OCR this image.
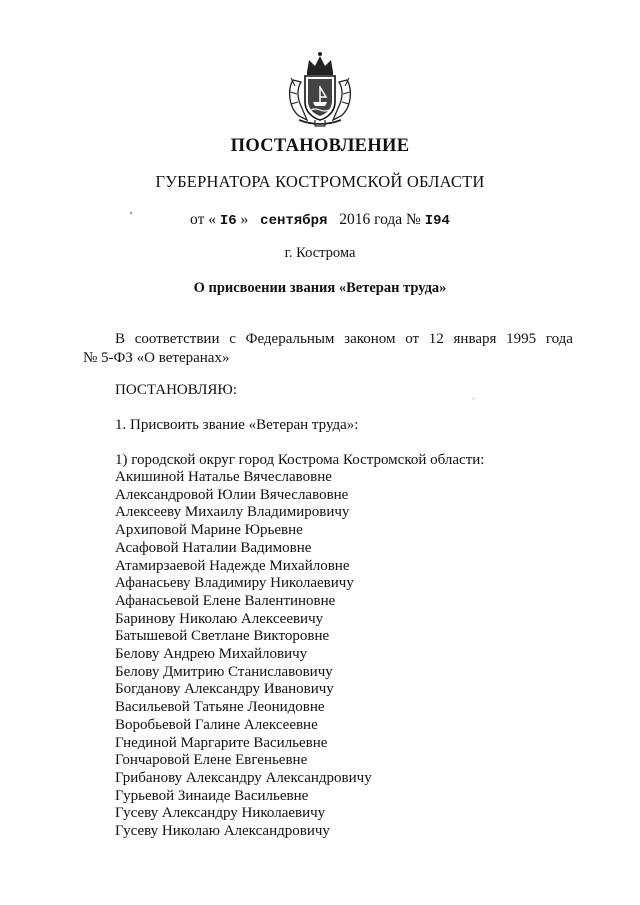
ПОСТАНОВЛЕНИЕ
ГУБЕРНАТОРА КОСТРОМСКОЙ ОБЛАСТИ
от « I6 » сентября 2016 года № I94
г. Кострома
О присвоении звания «Ветеран труда»
В соответствии с Федеральным законом от 12 января 1995 года
№ 5-ФЗ «О ветеранах»
ПОСТАНОВЛЯЮ:
1. Присвоить звание «Ветеран труда»:
1) городской округ город Кострома Костромской области:
Акишиной Наталье Вячеславовне
Александровой Юлии Вячеславовне
Алексееву Михаилу Владимировичу
Архиповой Марине Юрьевне
Асафовой Наталии Вадимовне
Атамирзаевой Надежде Михайловне
Афанасьеву Владимиру Николаевичу
Афанасьевой Елене Валентиновне
Баринову Николаю Алексеевичу
Батышевой Светлане Викторовне
Белову Андрею Михайловичу
Белову Дмитрию Станиславовичу
Богданову Александру Ивановичу
Васильевой Татьяне Леонидовне
Воробьевой Галине Алексеевне
Гнединой Маргарите Васильевне
Гончаровой Елене Евгеньевне
Грибанову Александру Александровичу
Гурьевой Зинаиде Васильевне
Гусеву Александру Николаевичу
Гусеву Николаю Александровичу
